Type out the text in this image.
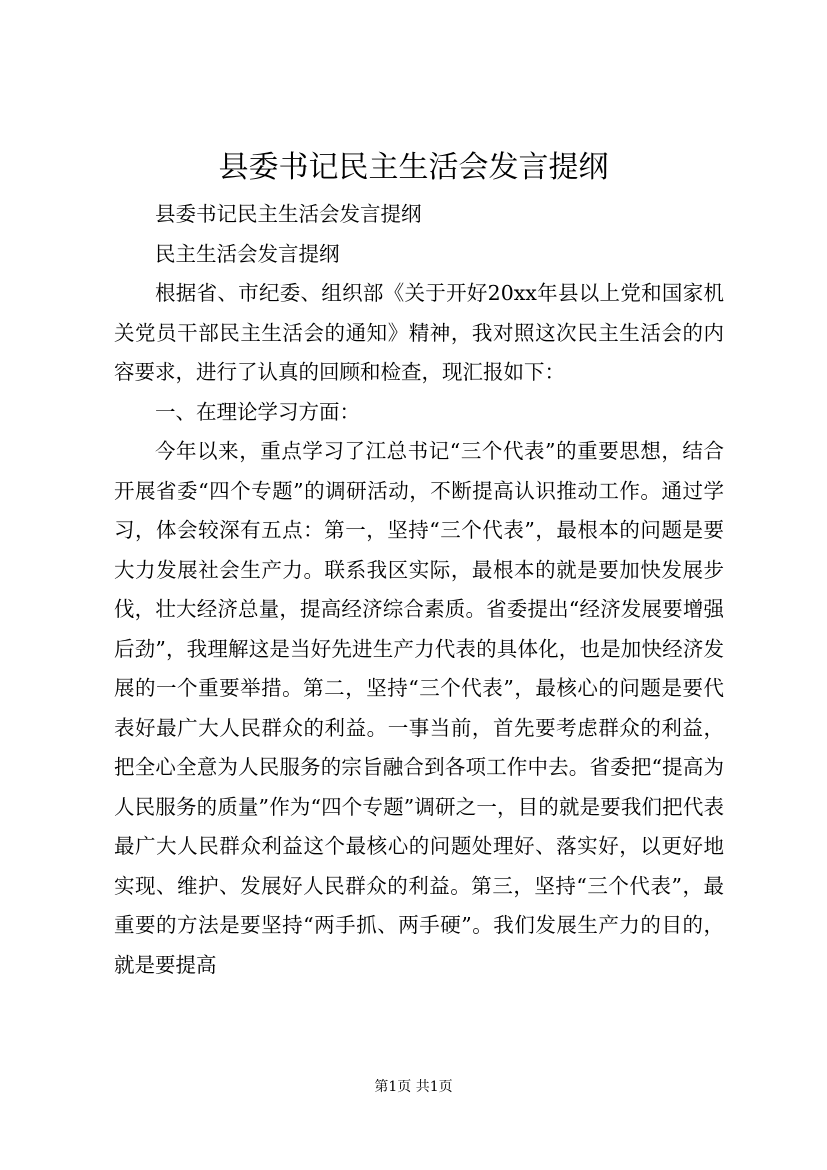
县委书记民主生活会发言提纲

县委书记民主生活会发言提纲

民主生活会发言提纲

根据省、市纪委、组织部《关于开好20xx年县以上党和国家机关党员干部民主生活会的通知》精神，我对照这次民主生活会的内容要求，进行了认真的回顾和检查，现汇报如下：

一、在理论学习方面：

今年以来，重点学习了江总书记“三个代表”的重要思想，结合开展省委“四个专题”的调研活动，不断提高认识推动工作。通过学习，体会较深有五点：第一，坚持“三个代表”，最根本的问题是要大力发展社会生产力。联系我区实际，最根本的就是要加快发展步伐，壮大经济总量，提高经济综合素质。省委提出“经济发展要增强后劲”，我理解这是当好先进生产力代表的具体化，也是加快经济发展的一个重要举措。第二，坚持“三个代表”，最核心的问题是要代表好最广大人民群众的利益。一事当前，首先要考虑群众的利益，把全心全意为人民服务的宗旨融合到各项工作中去。省委把“提高为人民服务的质量”作为“四个专题”调研之一，目的就是要我们把代表最广大人民群众利益这个最核心的问题处理好、落实好，以更好地实现、维护、发展好人民群众的利益。第三，坚持“三个代表”，最重要的方法是要坚持“两手抓、两手硬”。我们发展生产力的目的，就是要提高

第1页 共1页
